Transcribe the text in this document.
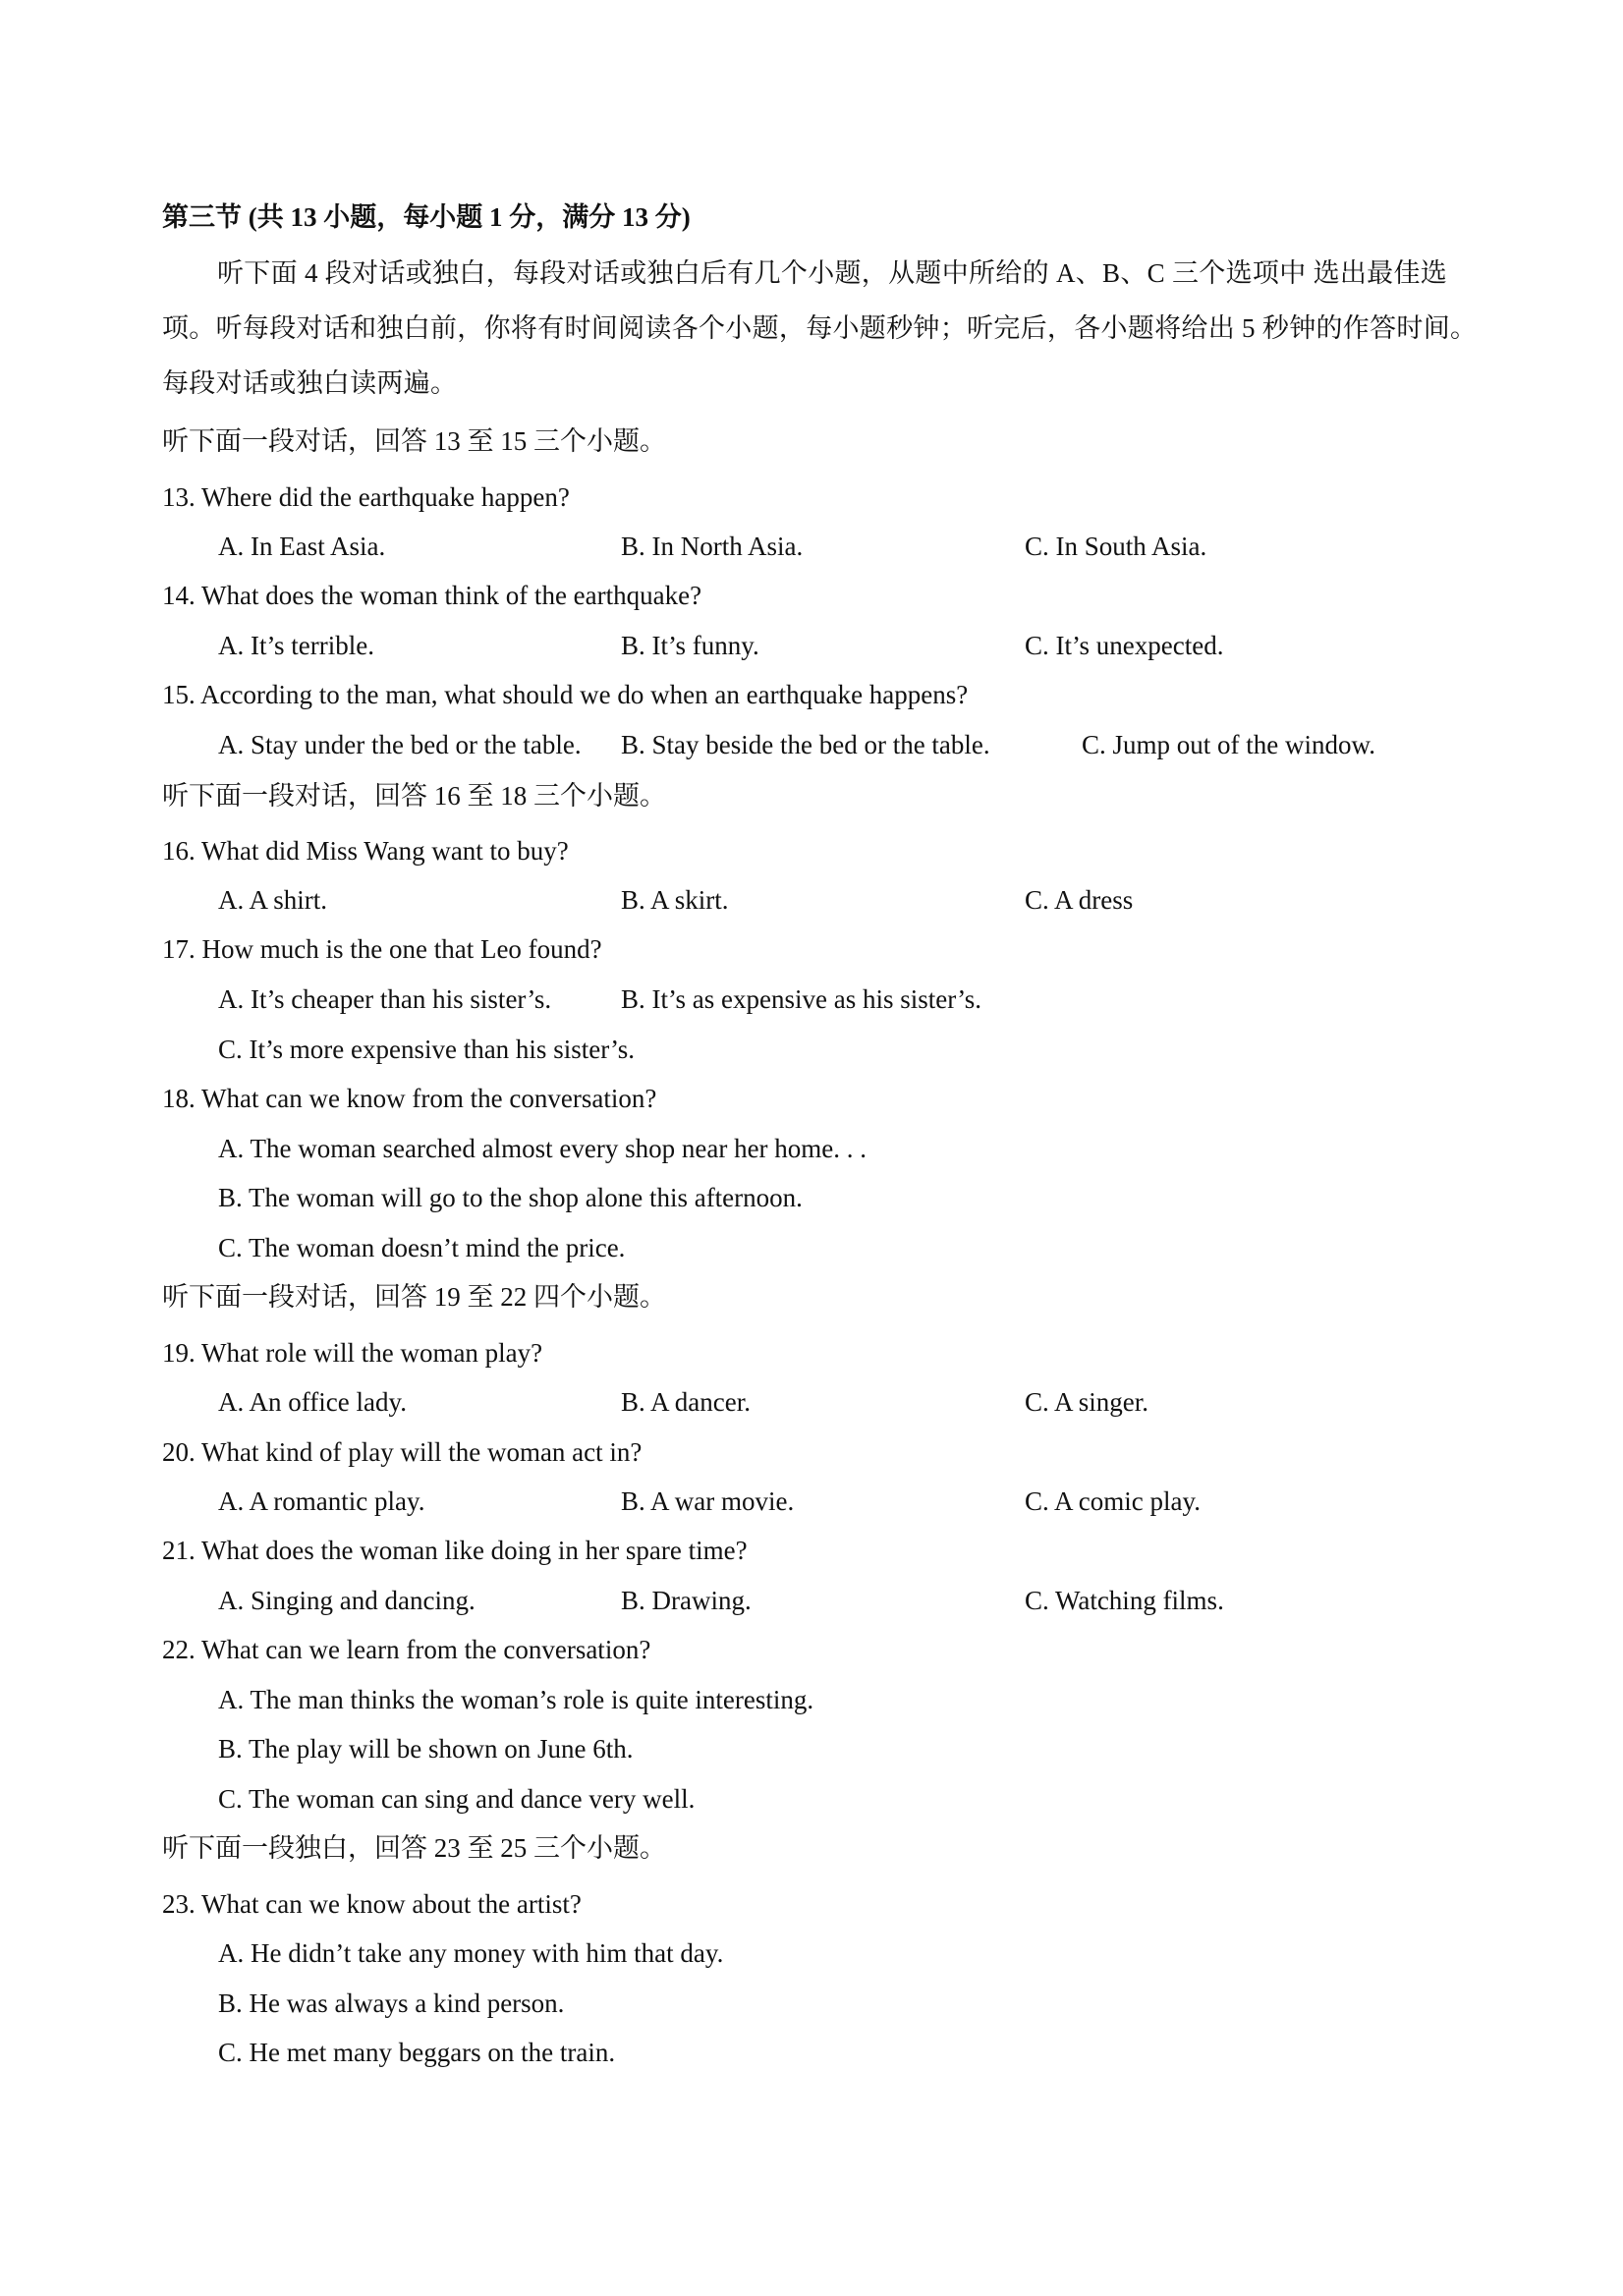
第三节 (共 13 小题，每小题 1 分，满分 13 分)
听下面 4 段对话或独白，每段对话或独白后有几个小题，从题中所给的 A、B、C 三个选项中 选出最佳选项。听每段对话和独白前，你将有时间阅读各个小题，每小题秒钟；听完后，各小题将给出 5 秒钟的作答时间。每段对话或独白读两遍。
听下面一段对话，回答 13 至 15 三个小题。
13. Where did the earthquake happen?
A. In East Asia.	B. In North Asia.	C. In South Asia.
14. What does the woman think of the earthquake?
A. It’s terrible.	B. It’s funny.	C. It’s unexpected.
15. According to the man, what should we do when an earthquake happens?
A. Stay under the bed or the table. B. Stay beside the bed or the table.	C. Jump out of the window.
听下面一段对话，回答 16 至 18 三个小题。
16. What did Miss Wang want to buy?
A. A shirt.	B. A skirt.	C. A dress
17. How much is the one that Leo found?
A. It’s cheaper than his sister’s.	B. It’s as expensive as his sister’s.
C. It’s more expensive than his sister’s.
18. What can we know from the conversation?
A. The woman searched almost every shop near her home. . .
B. The woman will go to the shop alone this afternoon.
C. The woman doesn’t mind the price.
听下面一段对话，回答 19 至 22 四个小题。
19. What role will the woman play?
A. An office lady.	B. A dancer.	C. A singer.
20. What kind of play will the woman act in?
A. A romantic play.	B. A war movie.	C. A comic play.
21. What does the woman like doing in her spare time?
A. Singing and dancing.	B. Drawing.	C. Watching films.
22. What can we learn from the conversation?
A. The man thinks the woman’s role is quite interesting.
B. The play will be shown on June 6th.
C. The woman can sing and dance very well.
听下面一段独白，回答 23 至 25 三个小题。
23. What can we know about the artist?
A. He didn’t take any money with him that day.
B. He was always a kind person.
C. He met many beggars on the train.
